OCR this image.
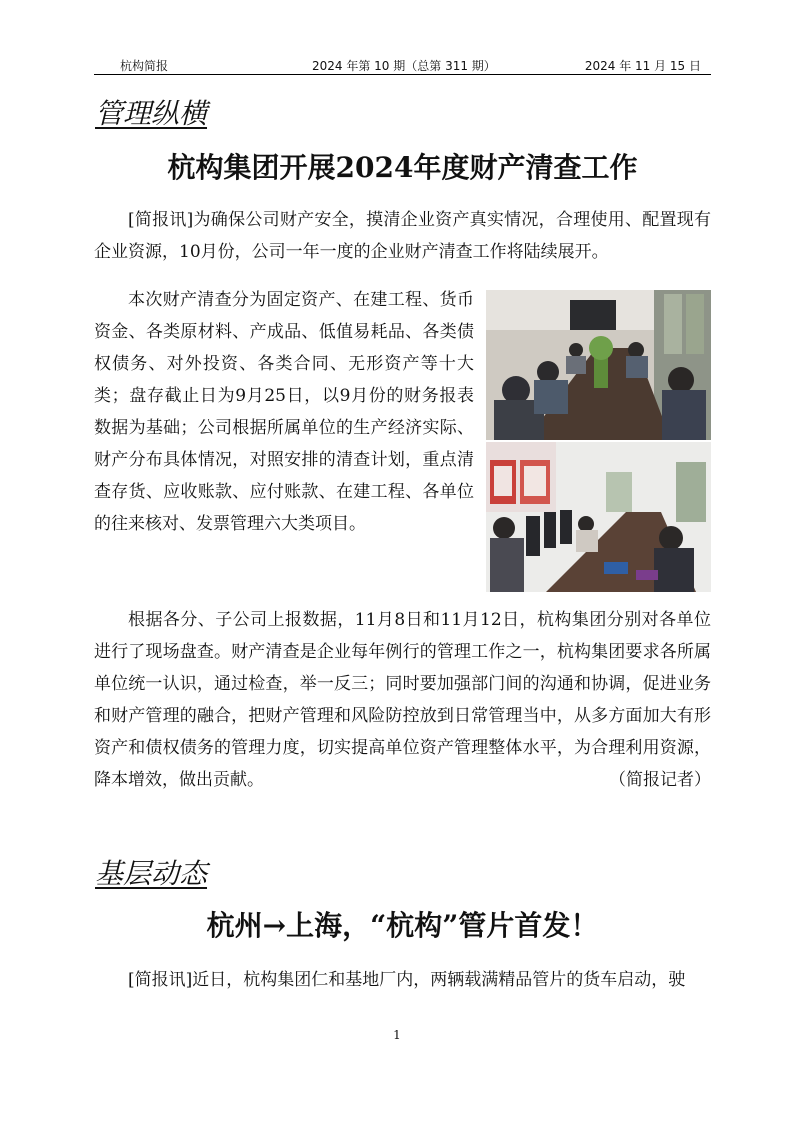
杭构简报	2024 年第 10 期（总第 311 期）	2024 年 11 月 15 日
管理纵横
杭构集团开展2024年度财产清查工作

[简报讯]为确保公司财产安全，摸清企业资产真实情况，合理使用、配置现有企业资源，10月份，公司一年一度的企业财产清查工作将陆续展开。

本次财产清查分为固定资产、在建工程、货币资金、各类原材料、产成品、低值易耗品、各类债权债务、对外投资、各类合同、无形资产等十大类；盘存截止日为9月25日，以9月份的财务报表数据为基础；公司根据所属单位的生产经济实际、财产分布具体情况，对照安排的清查计划，重点清查存货、应收账款、应付账款、在建工程、各单位的往来核对、发票管理六大类项目。

根据各分、子公司上报数据，11月8日和11月12日，杭构集团分别对各单位进行了现场盘查。财产清查是企业每年例行的管理工作之一，杭构集团要求各所属单位统一认识，通过检查，举一反三；同时要加强部门间的沟通和协调，促进业务和财产管理的融合，把财产管理和风险防控放到日常管理当中，从多方面加大有形资产和债权债务的管理力度，切实提高单位资产管理整体水平，为合理利用资源，降本增效，做出贡献。	（简报记者）

基层动态
杭州→上海，“杭构”管片首发！

[简报讯]近日，杭构集团仁和基地厂内，两辆载满精品管片的货车启动，驶

1
